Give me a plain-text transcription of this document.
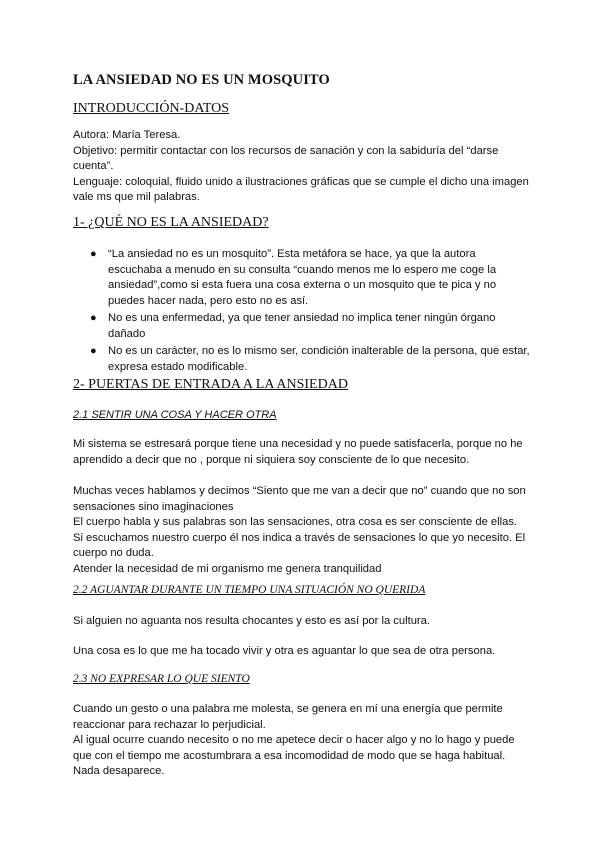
LA ANSIEDAD NO ES UN MOSQUITO
INTRODUCCIÓN-DATOS
Autora: María Teresa.
Objetivo: permitir contactar con los recursos de sanación y con la sabiduría del “darse
cuenta”.
Lenguaje: coloquial, fluido unido a ilustraciones gráficas que se cumple el dicho una imagen
vale ms que mil palabras.
1- ¿QUÉ NO ES LA ANSIEDAD?
● “La ansiedad no es un mosquito”. Esta metáfora se hace, ya que la autora
escuchaba a menudo en su consulta “cuando menos me lo espero me coge la
ansiedad”,como si esta fuera una cosa externa o un mosquito que te pica y no
puedes hacer nada, pero esto no es así.
● No es una enfermedad, ya que tener ansiedad no implica tener ningún órgano
dañado
● No es un carácter, no es lo mismo ser, condición inalterable de la persona, que estar,
expresa estado modificable.
2- PUERTAS DE ENTRADA A LA ANSIEDAD
2.1 SENTIR UNA COSA Y HACER OTRA
Mi sistema se estresará porque tiene una necesidad y no puede satisfacerla, porque no he
aprendido a decir que no , porque ni siquiera soy consciente de lo que necesito.
Muchas veces hablamos y decimos “Siento que me van a decir que no” cuando que no son
sensaciones sino imaginaciones
El cuerpo habla y sus palabras son las sensaciones, otra cosa es ser consciente de ellas.
Si escuchamos nuestro cuerpo él nos indica a través de sensaciones lo que yo necesito. El
cuerpo no duda.
Atender la necesidad de mi organismo me genera tranquilidad
2.2 AGUANTAR DURANTE UN TIEMPO UNA SITUACIÓN NO QUERIDA
Si alguien no aguanta nos resulta chocantes y esto es así por la cultura.
Una cosa es lo que me ha tocado vivir y otra es aguantar lo que sea de otra persona.
2.3 NO EXPRESAR LO QUE SIENTO
Cuando un gesto o una palabra me molesta, se genera en mí una energía que permite
reaccionar para rechazar lo perjudicial.
Al igual ocurre cuando necesito o no me apetece decir o hacer algo y no lo hago y puede
que con el tiempo me acostumbrara a esa incomodidad de modo que se haga habitual.
Nada desaparece.
